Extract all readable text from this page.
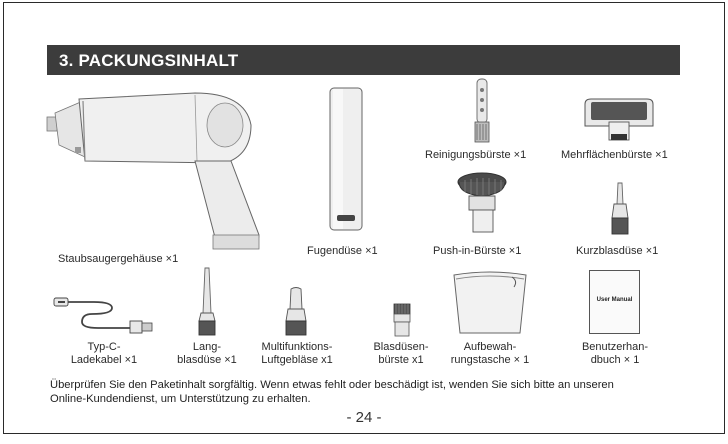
3. PACKUNGSINHALT
Staubsaugergehäuse ×1
Fugendüse ×1
Reinigungsbürste ×1	Mehrflächenbürste ×1
Push-in-Bürste ×1	Kurzblasdüse ×1
Typ-C-
Ladekabel ×1
Lang-
blasdüse ×1
Multifunktions-
Luftgebläse x1
Blasdüsen-
bürste x1
Aufbewah-
rungstasche × 1
User Manual
Benutzerhan-
dbuch × 1
Überprüfen Sie den Paketinhalt sorgfältig. Wenn etwas fehlt oder beschädigt ist, wenden Sie sich bitte an unseren
Online-Kundendienst, um Unterstützung zu erhalten.
- 24 -
